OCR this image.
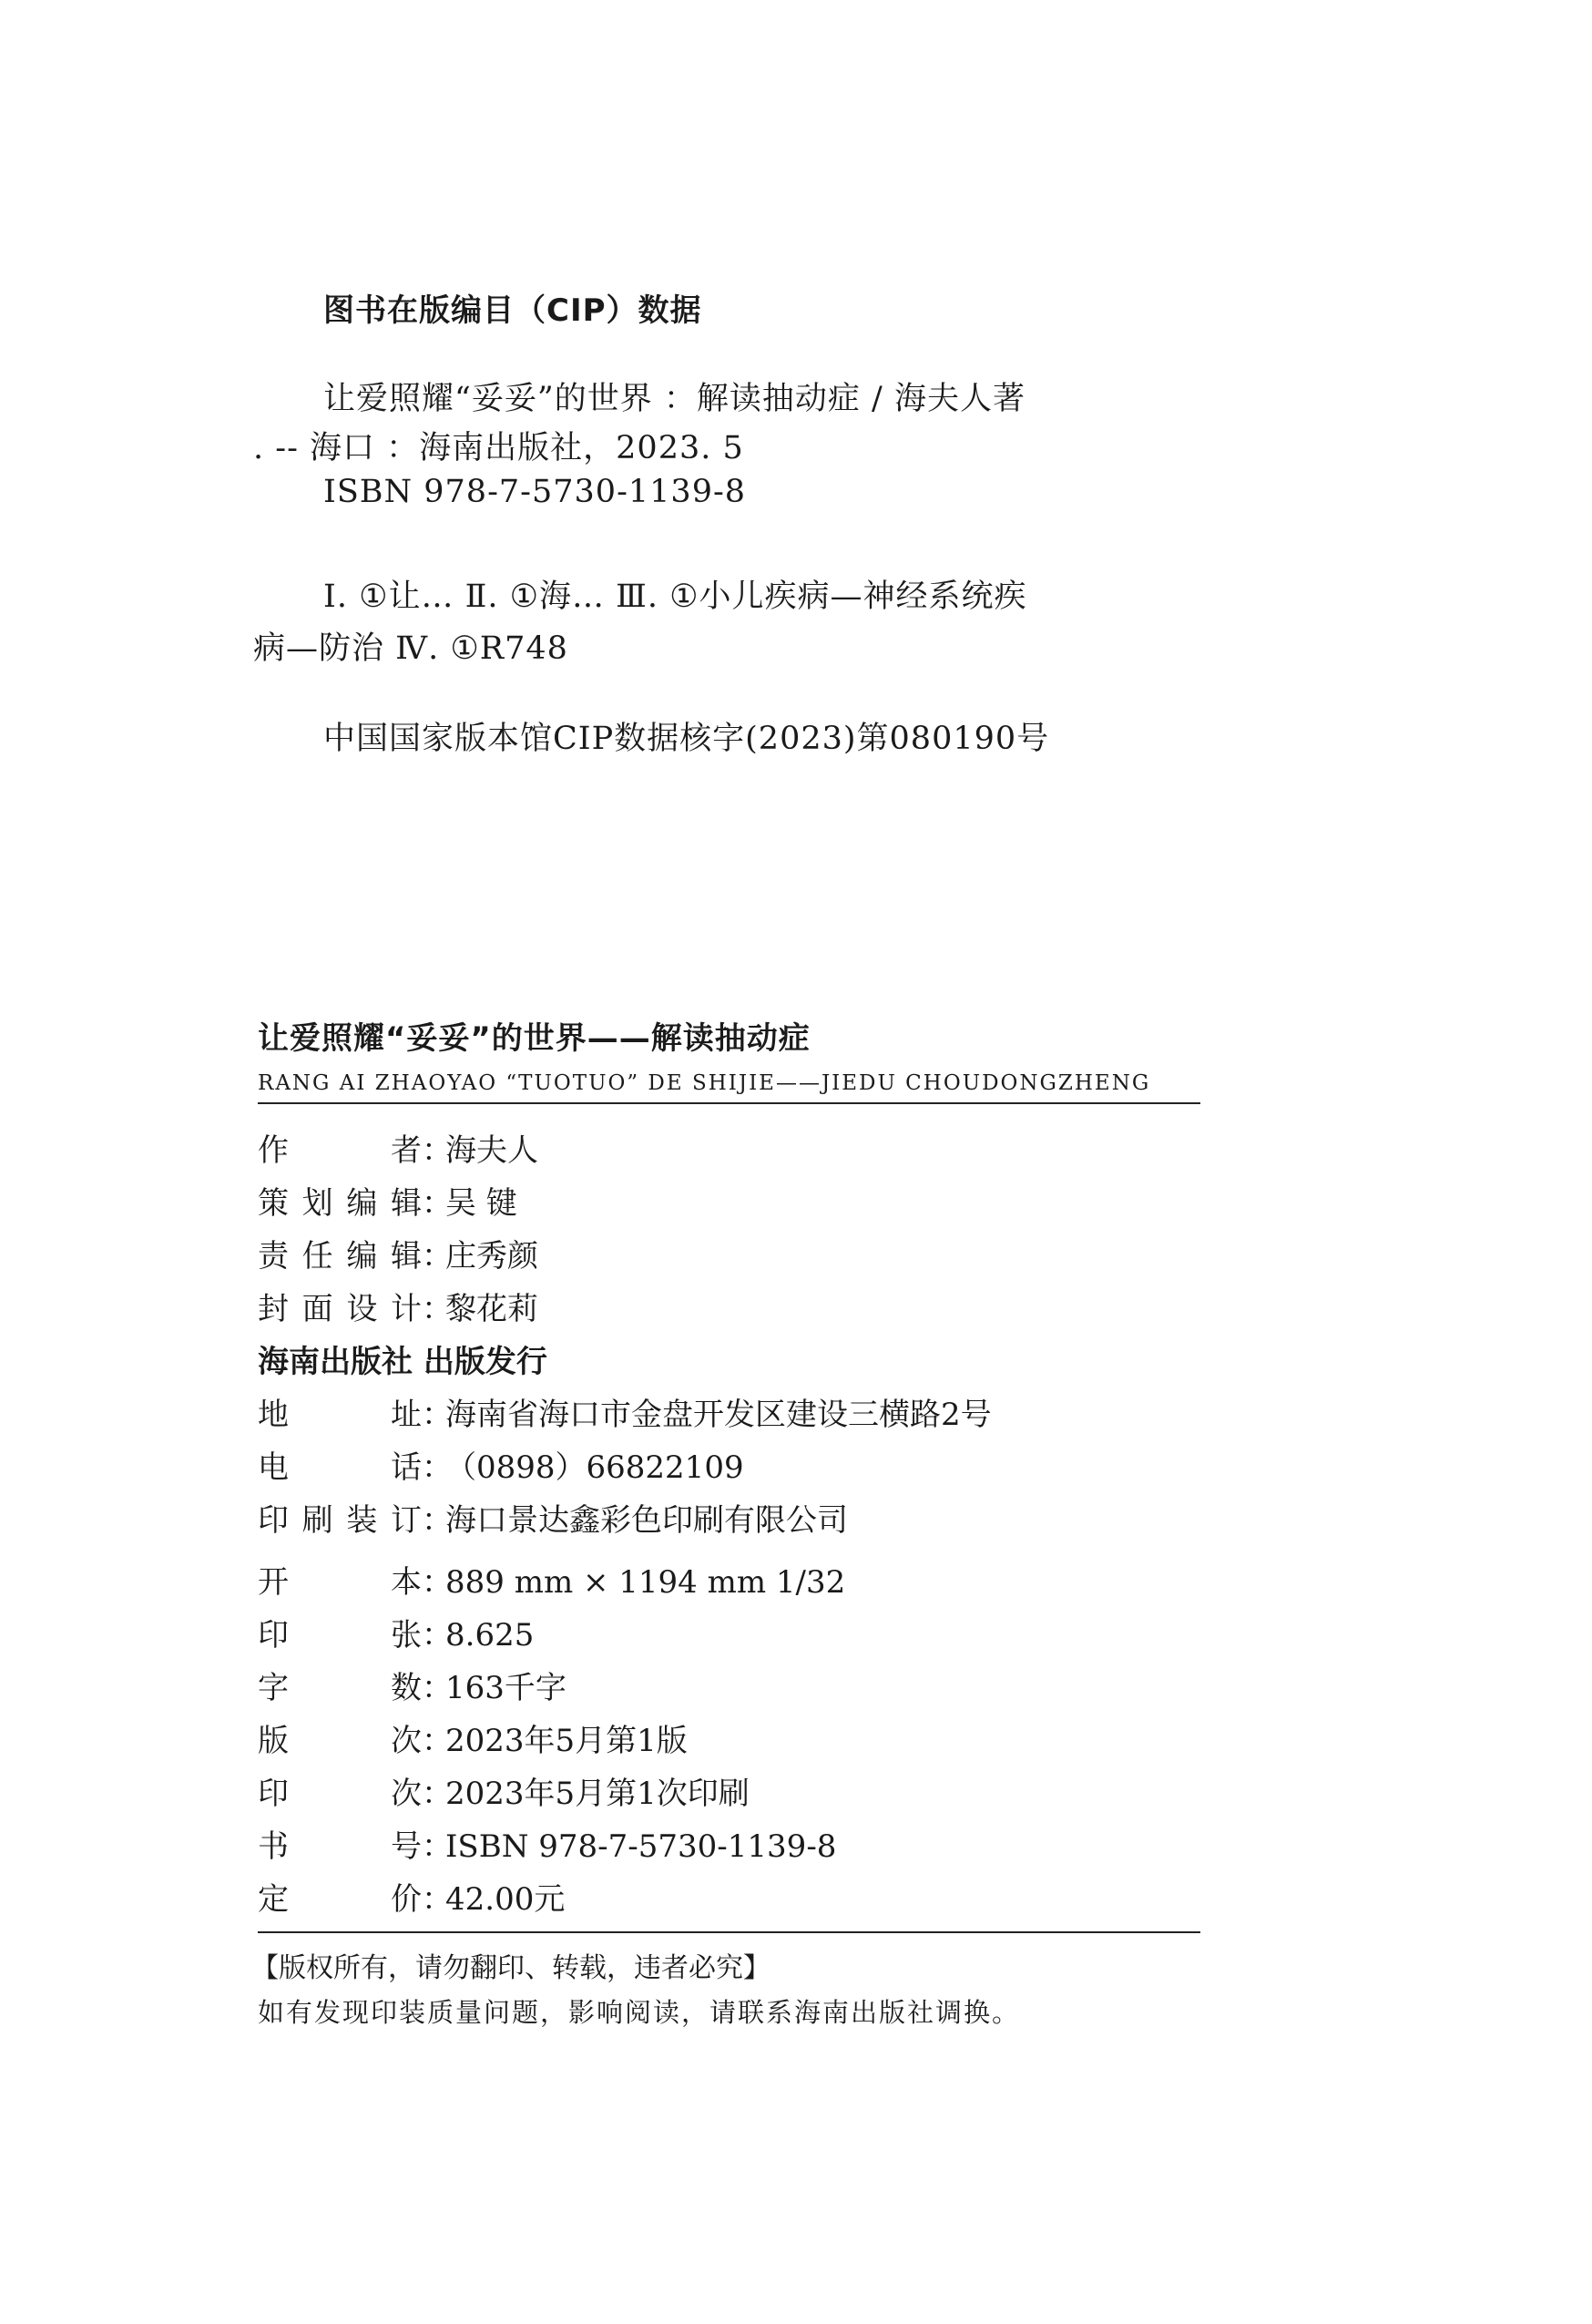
图书在版编目（CIP）数据
让爱照耀“妥妥”的世界 ：解读抽动症 / 海夫人著
. -- 海口 ：海南出版社，2023. 5
ISBN 978-7-5730-1139-8
Ⅰ. ①让… Ⅱ. ①海… Ⅲ. ①小儿疾病—神经系统疾
病—防治 Ⅳ. ①R748
中国国家版本馆CIP数据核字(2023)第080190号
让爱照耀“妥妥”的世界——解读抽动症
RANG AI ZHAOYAO “TUOTUO” DE SHIJIE——JIEDU CHOUDONGZHENG
作者：海夫人
策划编辑：吴 键
责任编辑：庄秀颜
封面设计：黎花莉
海南出版社 出版发行
地址：海南省海口市金盘开发区建设三横路2号
电话：（0898）66822109
印刷装订：海口景达鑫彩色印刷有限公司
开本：889 mm × 1194 mm 1/32
印张：8.625
字数：163千字
版次：2023年5月第1版
印次：2023年5月第1次印刷
书号：ISBN 978-7-5730-1139-8
定价：42.00元
【版权所有，请勿翻印、转载，违者必究】
如有发现印装质量问题，影响阅读，请联系海南出版社调换。
